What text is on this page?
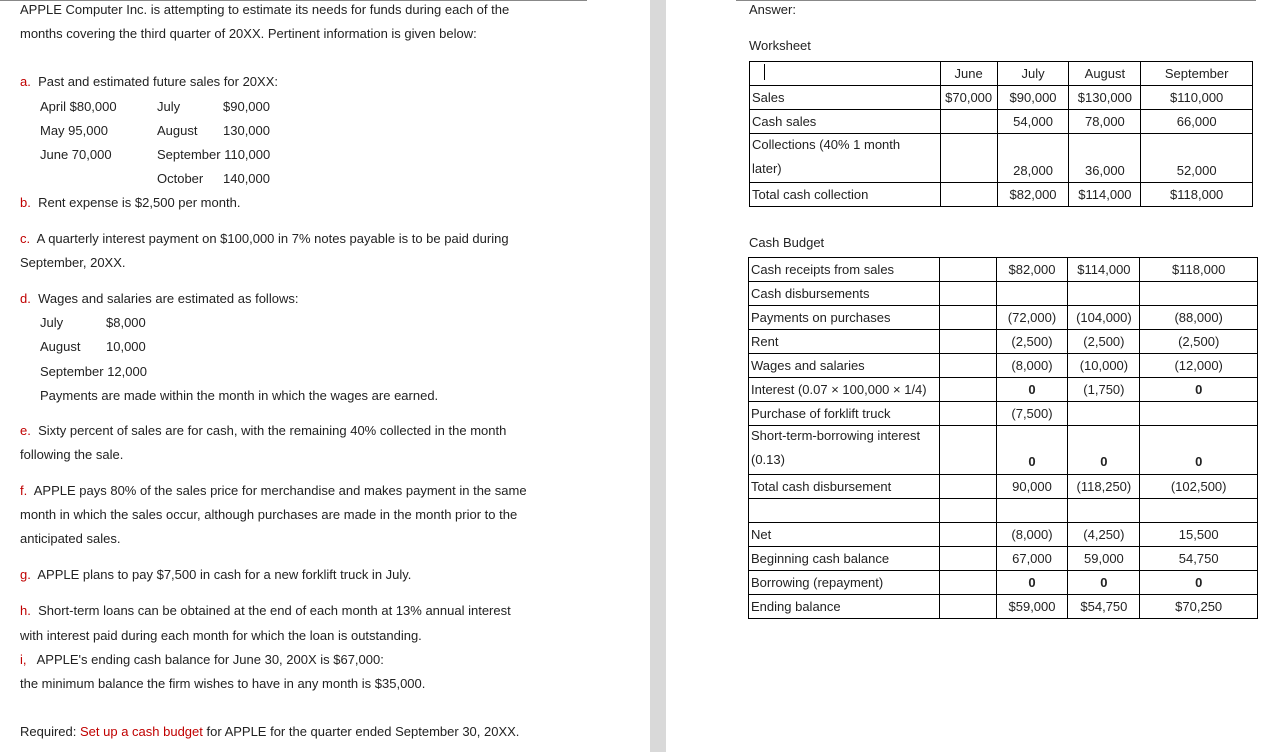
APPLE Computer Inc. is attempting to estimate its needs for funds during each of the
months covering the third quarter of 20XX. Pertinent information is given below:
a. Past and estimated future sales for 20XX:
April $80,000	July	$90,000
May 95,000	August 130,000
June 70,000	September 110,000
October 140,000
b. Rent expense is $2,500 per month.
c. A quarterly interest payment on $100,000 in 7% notes payable is to be paid during
September, 20XX.
d. Wages and salaries are estimated as follows:
July	$8,000
August 10,000
September 12,000
Payments are made within the month in which the wages are earned.
e. Sixty percent of sales are for cash, with the remaining 40% collected in the month
following the sale.
f. APPLE pays 80% of the sales price for merchandise and makes payment in the same
month in which the sales occur, although purchases are made in the month prior to the
anticipated sales.
g. APPLE plans to pay $7,500 in cash for a new forklift truck in July.
h. Short-term loans can be obtained at the end of each month at 13% annual interest
with interest paid during each month for which the loan is outstanding.
i, APPLE's ending cash balance for June 30, 200X is $67,000:
the minimum balance the firm wishes to have in any month is $35,000.
Required: Set up a cash budget for APPLE for the quarter ended September 30, 20XX.
Answer:
Worksheet
	June	July	August	September
Sales	$70,000	$90,000	$130,000	$110,000
Cash sales		54,000	78,000	66,000

Collections (40% 1 month
later)		28,000	36,000	52,000
Total cash collection		$82,000	$114,000	$118,000
Cash Budget
Cash receipts from sales		$82,000	$114,000	$118,000
Cash disbursements				
Payments on purchases		(72,000)	(104,000)	(88,000)
Rent		(2,500)	(2,500)	(2,500)
Wages and salaries		(8,000)	(10,000)	(12,000)
Interest (0.07 × 100,000 × 1/4)		0	(1,750)	0
Purchase of forklift truck		(7,500)		

Short-term-borrowing interest
(0.13)		0	0	0
Total cash disbursement		90,000	(118,250)	(102,500)

Net		(8,000)	(4,250)	15,500
Beginning cash balance		67,000	59,000	54,750
Borrowing (repayment)		0	0	0
Ending balance		$59,000	$54,750	$70,250
